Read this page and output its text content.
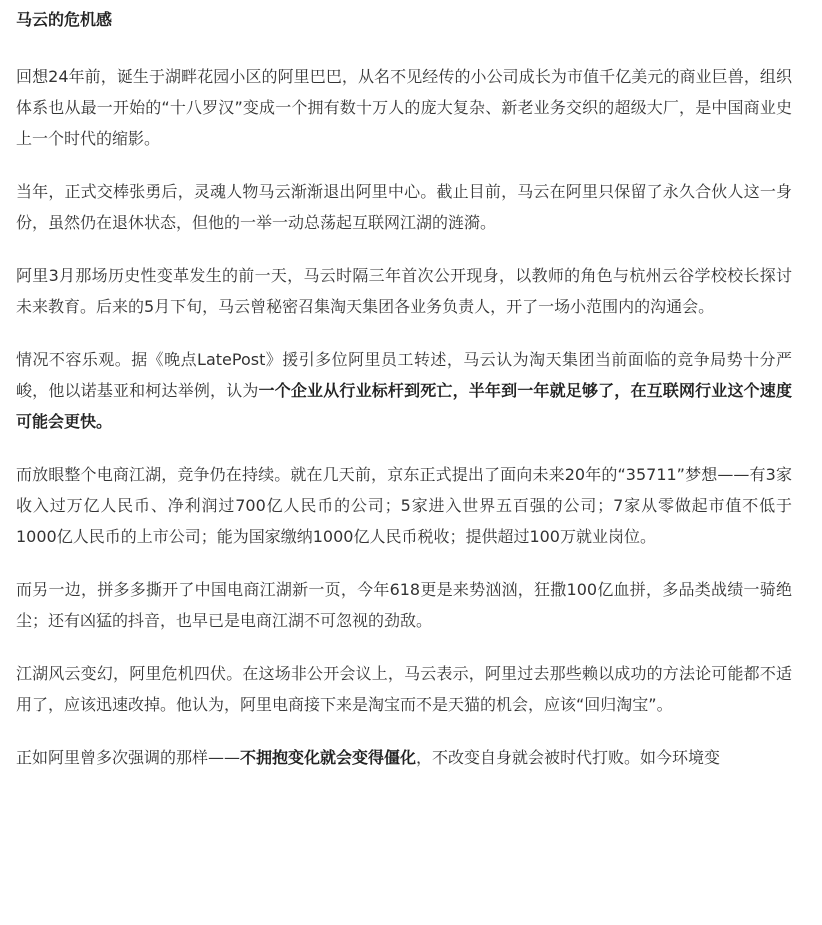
马云的危机感

回想24年前，诞生于湖畔花园小区的阿里巴巴，从名不见经传的小公司成长为市值千亿美元的商业巨兽，组织体系也从最一开始的“十八罗汉”变成一个拥有数十万人的庞大复杂、新老业务交织的超级大厂，是中国商业史上一个时代的缩影。

当年，正式交棒张勇后，灵魂人物马云渐渐退出阿里中心。截止目前，马云在阿里只保留了永久合伙人这一身份，虽然仍在退休状态，但他的一举一动总荡起互联网江湖的涟漪。

阿里3月那场历史性变革发生的前一天，马云时隔三年首次公开现身，以教师的角色与杭州云谷学校校长探讨未来教育。后来的5月下旬，马云曾秘密召集淘天集团各业务负责人，开了一场小范围内的沟通会。

情况不容乐观。据《晚点LatePost》援引多位阿里员工转述，马云认为淘天集团当前面临的竞争局势十分严峻，他以诺基亚和柯达举例，认为一个企业从行业标杆到死亡，半年到一年就足够了，在互联网行业这个速度可能会更快。

而放眼整个电商江湖，竞争仍在持续。就在几天前，京东正式提出了面向未来20年的“35711”梦想——有3家收入过万亿人民币、净利润过700亿人民币的公司；5家进入世界五百强的公司；7家从零做起市值不低于1000亿人民币的上市公司；能为国家缴纳1000亿人民币税收；提供超过100万就业岗位。

而另一边，拼多多撕开了中国电商江湖新一页，今年618更是来势汹汹，狂撒100亿血拼，多品类战绩一骑绝尘；还有凶猛的抖音，也早已是电商江湖不可忽视的劲敌。

江湖风云变幻，阿里危机四伏。在这场非公开会议上，马云表示，阿里过去那些赖以成功的方法论可能都不适用了，应该迅速改掉。他认为，阿里电商接下来是淘宝而不是天猫的机会，应该“回归淘宝”。

正如阿里曾多次强调的那样——不拥抱变化就会变得僵化，不改变自身就会被时代打败。如今环境变
